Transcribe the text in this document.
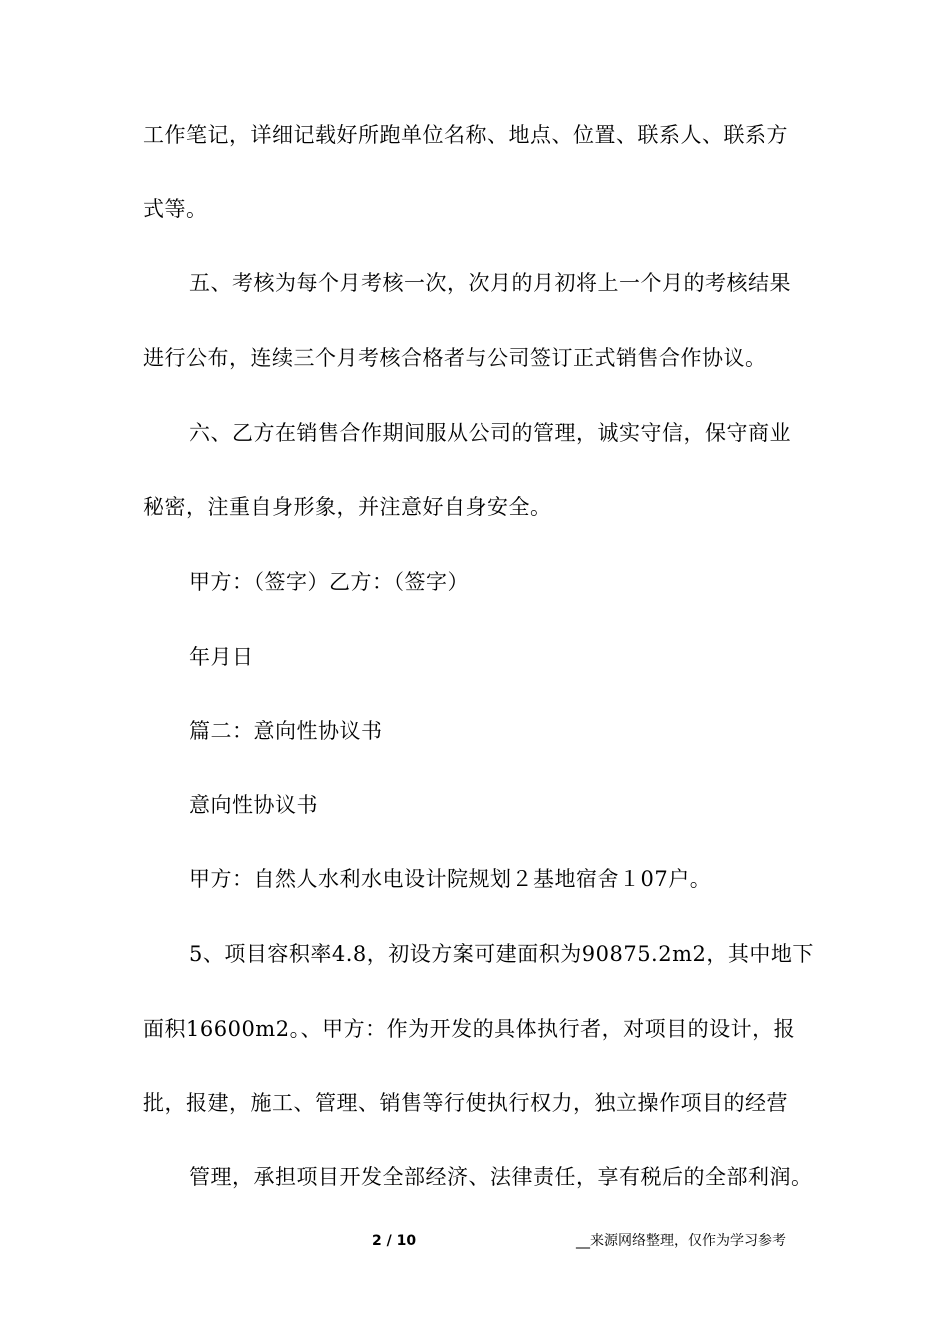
工作笔记，详细记载好所跑单位名称、地点、位置、联系人、联系方
式等。
五、考核为每个月考核一次，次月的月初将上一个月的考核结果
进行公布，连续三个月考核合格者与公司签订正式销售合作协议。
六、乙方在销售合作期间服从公司的管理，诚实守信，保守商业
秘密，注重自身形象，并注意好自身安全。
甲方：（签字）乙方：（签字）
年月日
篇二：意向性协议书
意向性协议书
甲方：自然人水利水电设计院规划２基地宿舍１07户。
5、项目容积率4.8，初设方案可建面积为90875.2m2，其中地下
面积16600m2。、甲方：作为开发的具体执行者，对项目的设计，报
批，报建，施工、管理、销售等行使执行权力，独立操作项目的经营
管理，承担项目开发全部经济、法律责任，享有税后的全部利润。
2 / 10	__来源网络整理，仅作为学习参考
